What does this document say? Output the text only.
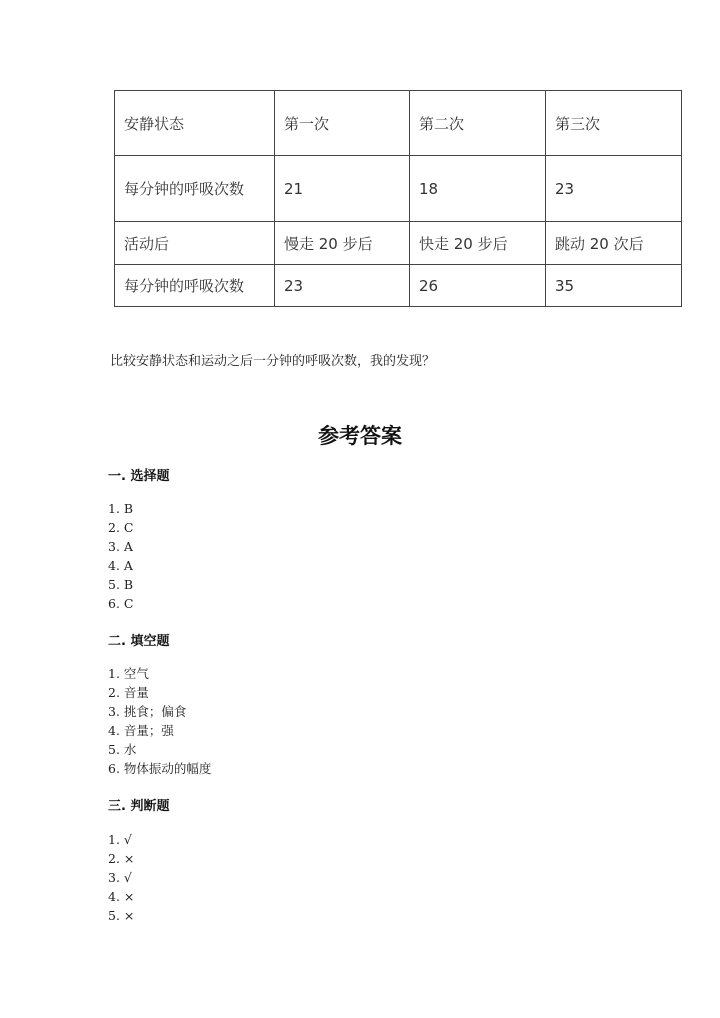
安静状态	第一次	第二次	第三次
每分钟的呼吸次数	21	18	23
活动后	慢走 20 步后	快走 20 步后	跳动 20 次后
每分钟的呼吸次数	23	26	35
比较安静状态和运动之后一分钟的呼吸次数，我的发现？
参考答案
一. 选择题
1. B
2. C
3. A
4. A
5. B
6. C
二. 填空题
1. 空气
2. 音量
3. 挑食；偏食
4. 音量；强
5. 水
6. 物体振动的幅度
三. 判断题
1. √
2. ×
3. √
4. ×
5. ×
